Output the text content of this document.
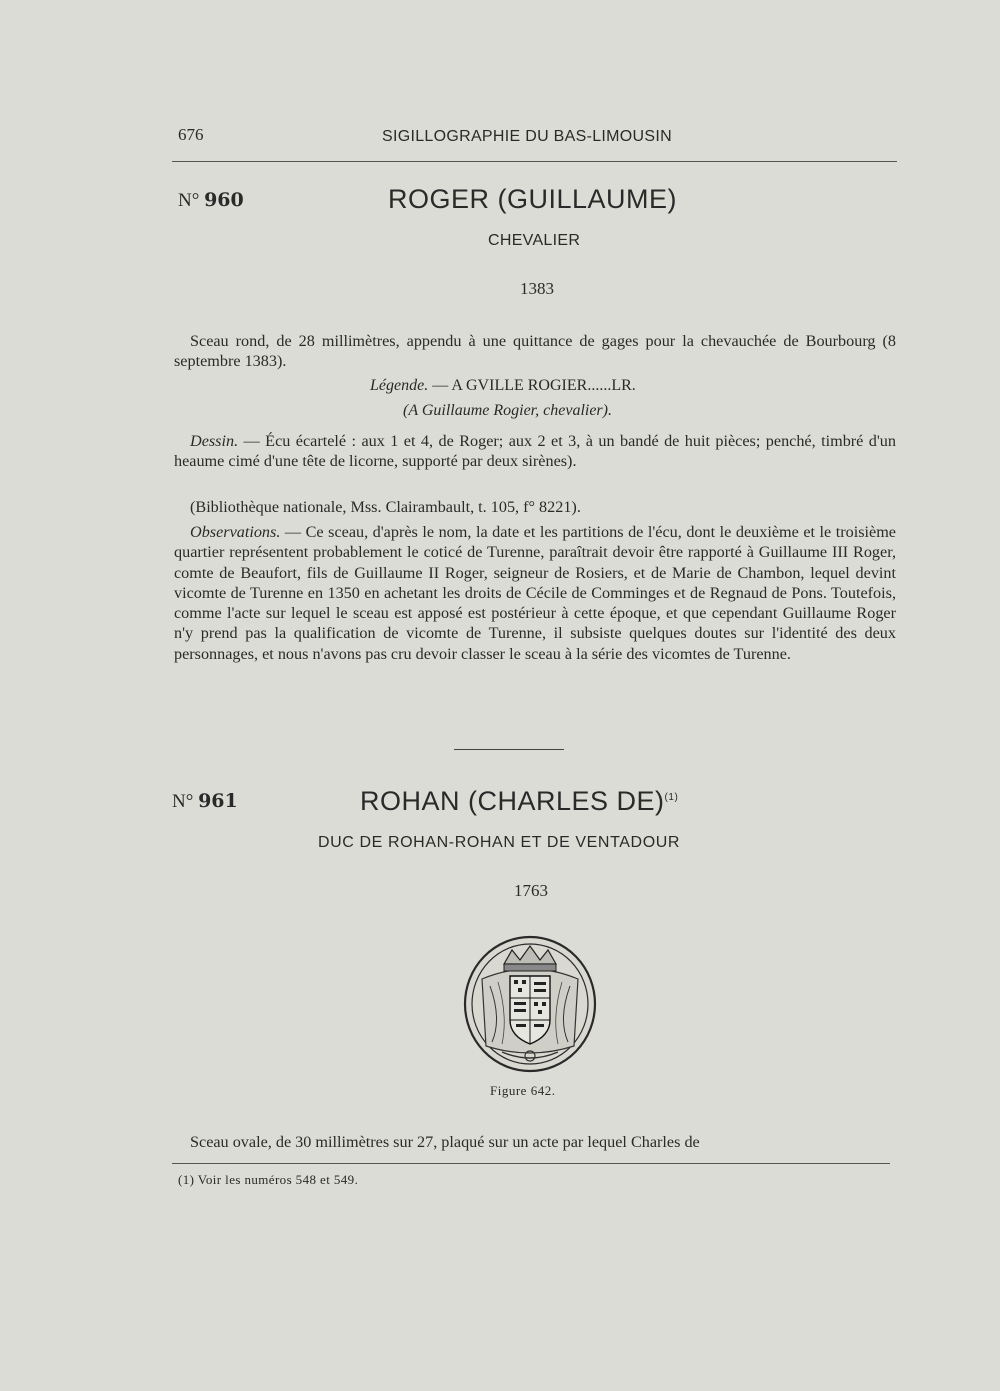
676	SIGILLOGRAPHIE DU BAS-LIMOUSIN
N° 960	ROGER (GUILLAUME)
CHEVALIER
1383
Sceau rond, de 28 millimètres, appendu à une quittance de gages pour la chevauchée de Bourbourg (8 septembre 1383).
Légende. — A GVILLE ROGIER......LR.
(A Guillaume Rogier, chevalier).
Dessin. — Écu écartelé : aux 1 et 4, de Roger; aux 2 et 3, à un bandé de huit pièces; penché, timbré d'un heaume cimé d'une tête de licorne, supporté par deux sirènes).
(Bibliothèque nationale, Mss. Clairambault, t. 105, f° 8221).
Observations. — Ce sceau, d'après le nom, la date et les partitions de l'écu, dont le deuxième et le troisième quartier représentent probablement le coticé de Turenne, paraîtrait devoir être rapporté à Guillaume III Roger, comte de Beaufort, fils de Guillaume II Roger, seigneur de Rosiers, et de Marie de Chambon, lequel devint vicomte de Turenne en 1350 en achetant les droits de Cécile de Comminges et de Regnaud de Pons. Toutefois, comme l'acte sur lequel le sceau est apposé est postérieur à cette époque, et que cependant Guillaume Roger n'y prend pas la qualification de vicomte de Turenne, il subsiste quelques doutes sur l'identité des deux personnages, et nous n'avons pas cru devoir classer le sceau à la série des vicomtes de Turenne.
N° 961	ROHAN (CHARLES DE)$^{(1)}$
DUC DE ROHAN-ROHAN ET DE VENTADOUR
1763
Figure 642.
Sceau ovale, de 30 millimètres sur 27, plaqué sur un acte par lequel Charles de
(1) Voir les numéros 548 et 549.
